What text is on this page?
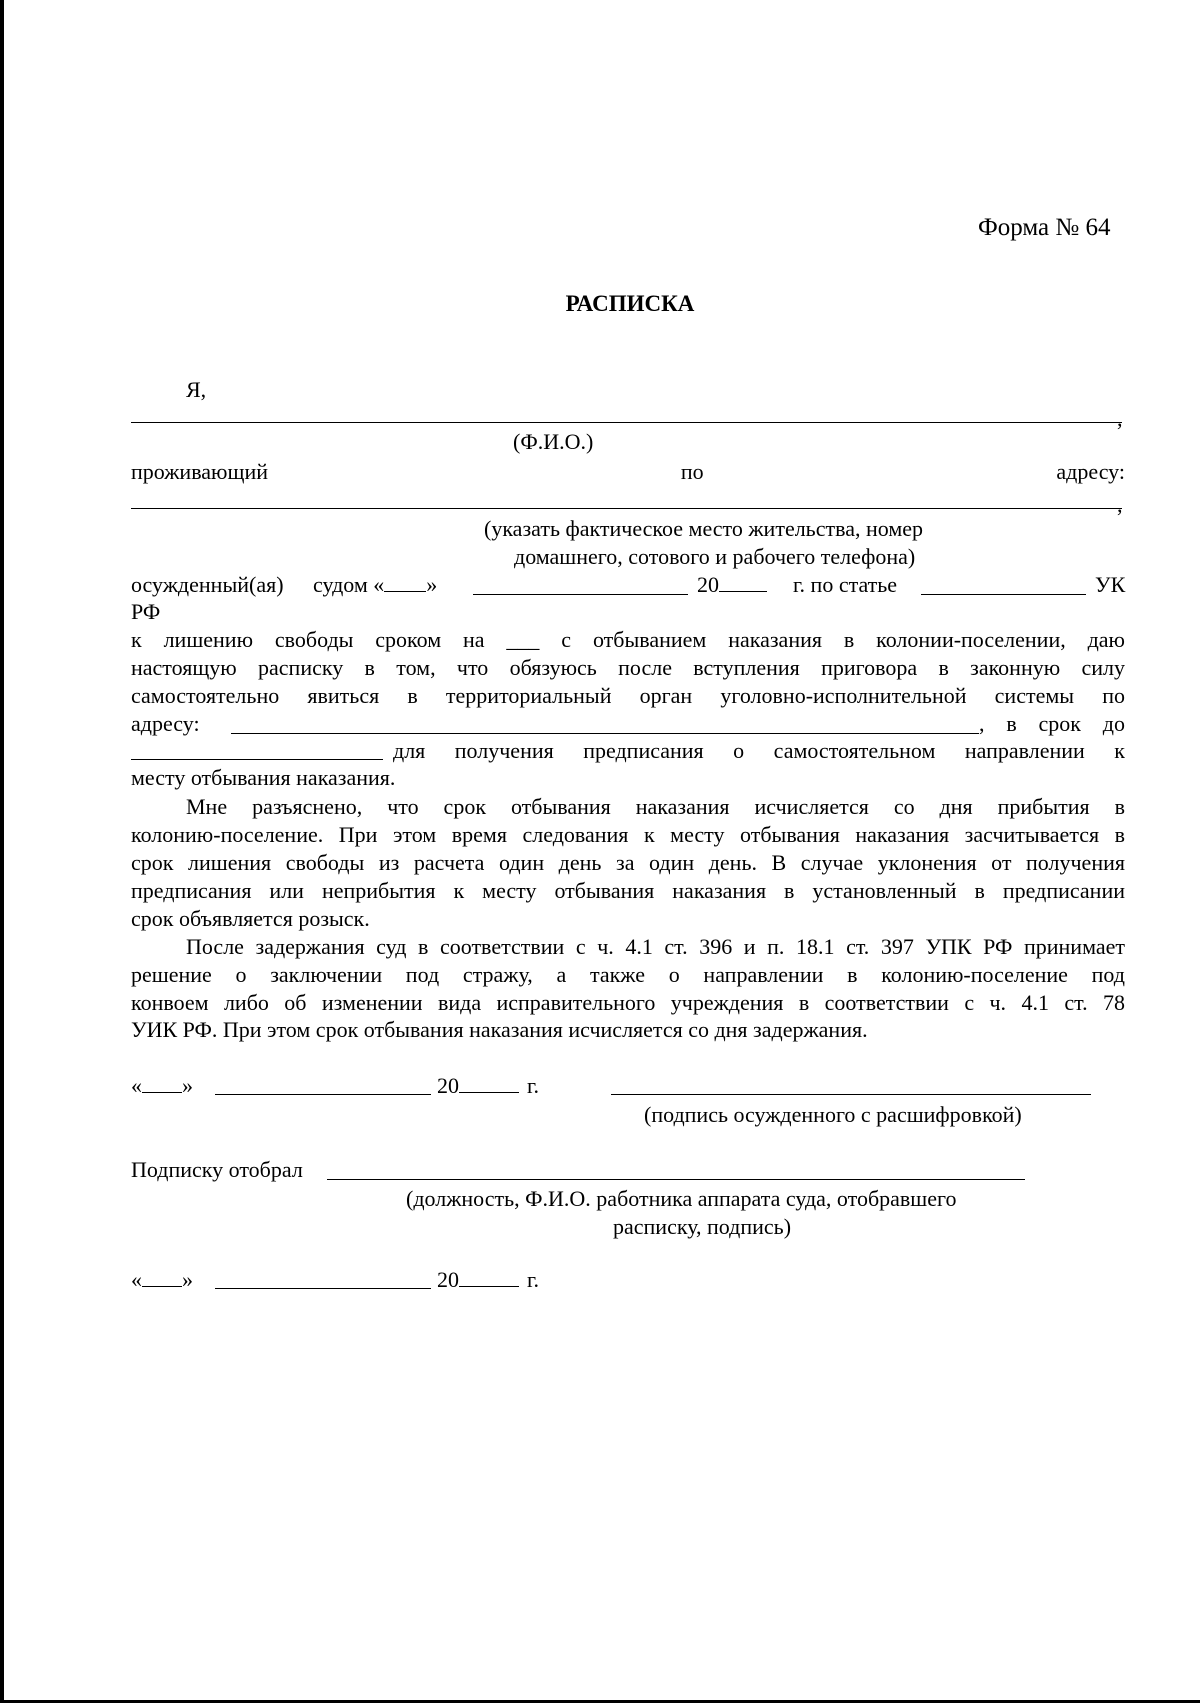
Форма № 64
РАСПИСКА
Я,
,
(Ф.И.О.)
проживающий	по	адресу:
,
(указать фактическое место жительства, номер
домашнего, сотового и рабочего телефона)
осужденный(ая) судом « »	20	г. по статье	УК
РФ
к лишению свободы сроком на ___ с отбыванием наказания в колонии-поселении, даю
настоящую расписку в том, что обязуюсь после вступления приговора в законную силу
самостоятельно явиться в территориальный орган уголовно-исполнительной системы по
адресу:	, в срок до
для получения предписания о самостоятельном направлении к
месту отбывания наказания.
Мне разъяснено, что срок отбывания наказания исчисляется со дня прибытия в
колонию-поселение. При этом время следования к месту отбывания наказания засчитывается в
срок лишения свободы из расчета один день за один день. В случае уклонения от получения
предписания или неприбытия к месту отбывания наказания в установленный в предписании
срок объявляется розыск.
После задержания суд в соответствии с ч. 4.1 ст. 396 и п. 18.1 ст. 397 УПК РФ принимает
решение о заключении под стражу, а также о направлении в колонию-поселение под
конвоем либо об изменении вида исправительного учреждения в соответствии с ч. 4.1 ст. 78
УИК РФ. При этом срок отбывания наказания исчисляется со дня задержания.
« »	20	г.
(подпись осужденного с расшифровкой)
Подписку отобрал
(должность, Ф.И.О. работника аппарата суда, отобравшего
расписку, подпись)
« »	20	г.
